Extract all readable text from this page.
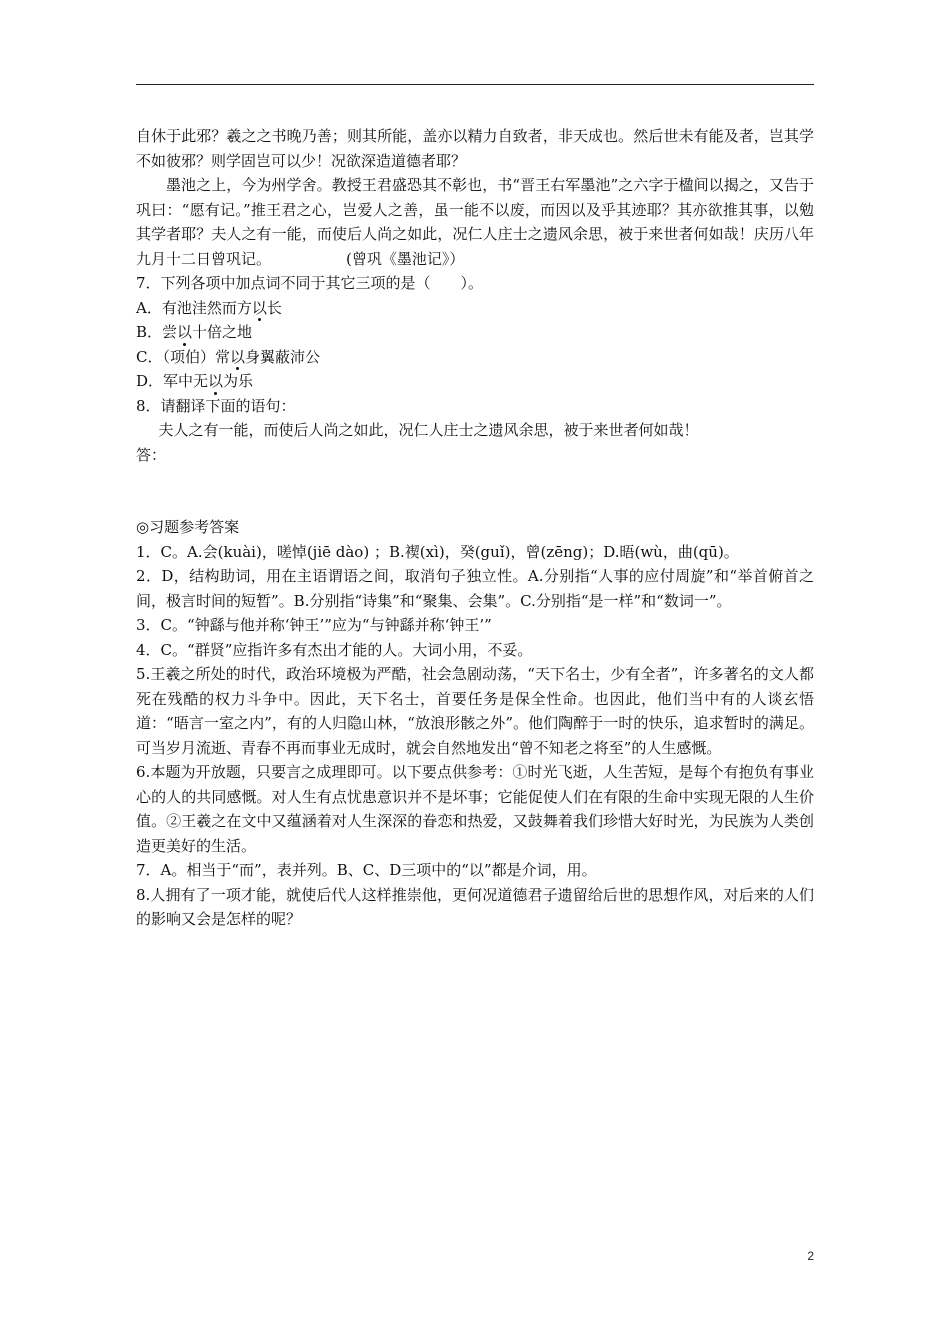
自休于此邪？羲之之书晚乃善；则其所能，盖亦以精力自致者，非天成也。然后世未有能及者，岂其学不如彼邪？则学固岂可以少！况欲深造道德者耶？

墨池之上，今为州学舍。教授王君盛恐其不彰也，书“晋王右军墨池”之六字于楹间以揭之，又告于巩曰：“愿有记。”推王君之心，岂爱人之善，虽一能不以废，而因以及乎其迹耶？其亦欲推其事，以勉其学者耶？夫人之有一能，而使后人尚之如此，况仁人庄士之遗风余思，被于来世者何如哉！庆历八年九月十二日曾巩记。	(曾巩《墨池记》）

7．下列各项中加点词不同于其它三项的是（　　）。

A．有池洼然而方以长

B．尝以十倍之地

C．（项伯）常以身翼蔽沛公

D．军中无以为乐

8．请翻译下面的语句：

夫人之有一能，而使后人尚之如此，况仁人庄士之遗风余思，被于来世者何如哉！

答：

◎习题参考答案

1．C。A.会(kuài)，嗟悼(jiē dào) ；B.褉(xì)，癸(guǐ)，曾(zēng)；D.晤(wù，曲(qū)。

2．D，结构助词，用在主语谓语之间，取消句子独立性。A.分别指“人事的应付周旋”和“举首俯首之间，极言时间的短暂”。B.分别指“诗集”和“聚集、会集”。C.分别指“是一样”和“数词一”。

3．C。“钟繇与他并称‘钟王’”应为“与钟繇并称‘钟王’”

4．C。“群贤”应指许多有杰出才能的人。大词小用，不妥。

5.王羲之所处的时代，政治环境极为严酷，社会急剧动荡，“天下名士，少有全者”，许多著名的文人都死在残酷的权力斗争中。因此，天下名士，首要任务是保全性命。也因此，他们当中有的人谈玄悟道：“晤言一室之内”，有的人归隐山林，“放浪形骸之外”。他们陶醉于一时的快乐，追求暂时的满足。可当岁月流逝、青春不再而事业无成时，就会自然地发出“曾不知老之将至”的人生感慨。

6.本题为开放题，只要言之成理即可。以下要点供参考：①时光飞逝，人生苦短，是每个有抱负有事业心的人的共同感慨。对人生有点忧患意识并不是坏事；它能促使人们在有限的生命中实现无限的人生价值。②王羲之在文中又蕴涵着对人生深深的眷恋和热爱，又鼓舞着我们珍惜大好时光，为民族为人类创造更美好的生活。

7．A。相当于“而”，表并列。B、C、D三项中的“以”都是介词，用。

8.人拥有了一项才能，就使后代人这样推崇他，更何况道德君子遗留给后世的思想作风，对后来的人们的影响又会是怎样的呢？

2
